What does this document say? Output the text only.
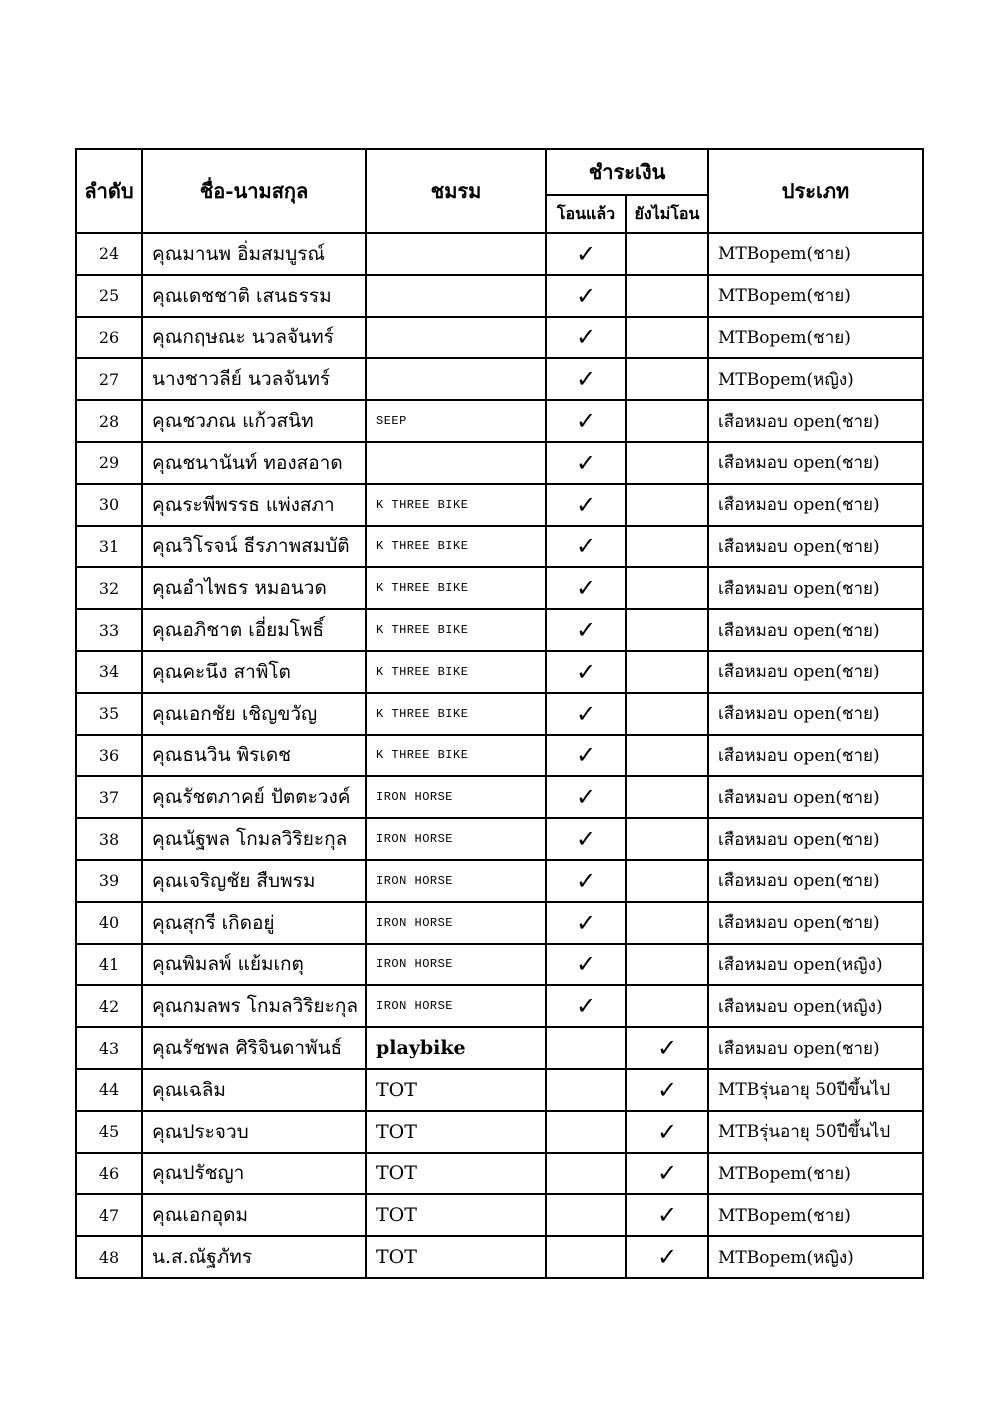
ลำดับ	ชื่อ-นามสกุล	ชมรม	ชำระเงิน		ประเภท
			โอนแล้ว	ยังไม่โอน	
24	คุณมานพ อิ่มสมบูรณ์		✓		MTBopem(ชาย)
25	คุณเดชชาติ เสนธรรม		✓		MTBopem(ชาย)
26	คุณกฤษณะ นวลจันทร์		✓		MTBopem(ชาย)
27	นางชาวลีย์ นวลจันทร์		✓		MTBopem(หญิง)
28	คุณชวภณ แก้วสนิท	SEEP	✓		เสือหมอบ open(ชาย)
29	คุณชนานันท์ ทองสอาด		✓		เสือหมอบ open(ชาย)
30	คุณระพีพรรธ แพ่งสภา	K THREE BIKE	✓		เสือหมอบ open(ชาย)
31	คุณวิโรจน์ ธีรภาพสมบัติ	K THREE BIKE	✓		เสือหมอบ open(ชาย)
32	คุณอำไพธร หมอนวด	K THREE BIKE	✓		เสือหมอบ open(ชาย)
33	คุณอภิชาต เอี่ยมโพธิ์	K THREE BIKE	✓		เสือหมอบ open(ชาย)
34	คุณคะนึง สาพิโต	K THREE BIKE	✓		เสือหมอบ open(ชาย)
35	คุณเอกชัย เชิญขวัญ	K THREE BIKE	✓		เสือหมอบ open(ชาย)
36	คุณธนวิน พิรเดช	K THREE BIKE	✓		เสือหมอบ open(ชาย)
37	คุณรัชตภาคย์ ปัตตะวงค์	IRON HORSE	✓		เสือหมอบ open(ชาย)
38	คุณนัฐพล โกมลวิริยะกุล	IRON HORSE	✓		เสือหมอบ open(ชาย)
39	คุณเจริญชัย สืบพรม	IRON HORSE	✓		เสือหมอบ open(ชาย)
40	คุณสุกรี เกิดอยู่	IRON HORSE	✓		เสือหมอบ open(ชาย)
41	คุณพิมลพ์ แย้มเกตุ	IRON HORSE	✓		เสือหมอบ open(หญิง)
42	คุณกมลพร โกมลวิริยะกุล	IRON HORSE	✓		เสือหมอบ open(หญิง)
43	คุณรัชพล ศิริจินดาพันธ์	playbike		✓	เสือหมอบ open(ชาย)
44	คุณเฉลิม	TOT		✓	MTBรุ่นอายุ 50ปีขึ้นไป
45	คุณประจวบ	TOT		✓	MTBรุ่นอายุ 50ปีขึ้นไป
46	คุณปรัชญา	TOT		✓	MTBopem(ชาย)
47	คุณเอกอุดม	TOT		✓	MTBopem(ชาย)
48	น.ส.ณัฐภัทร	TOT		✓	MTBopem(หญิง)
